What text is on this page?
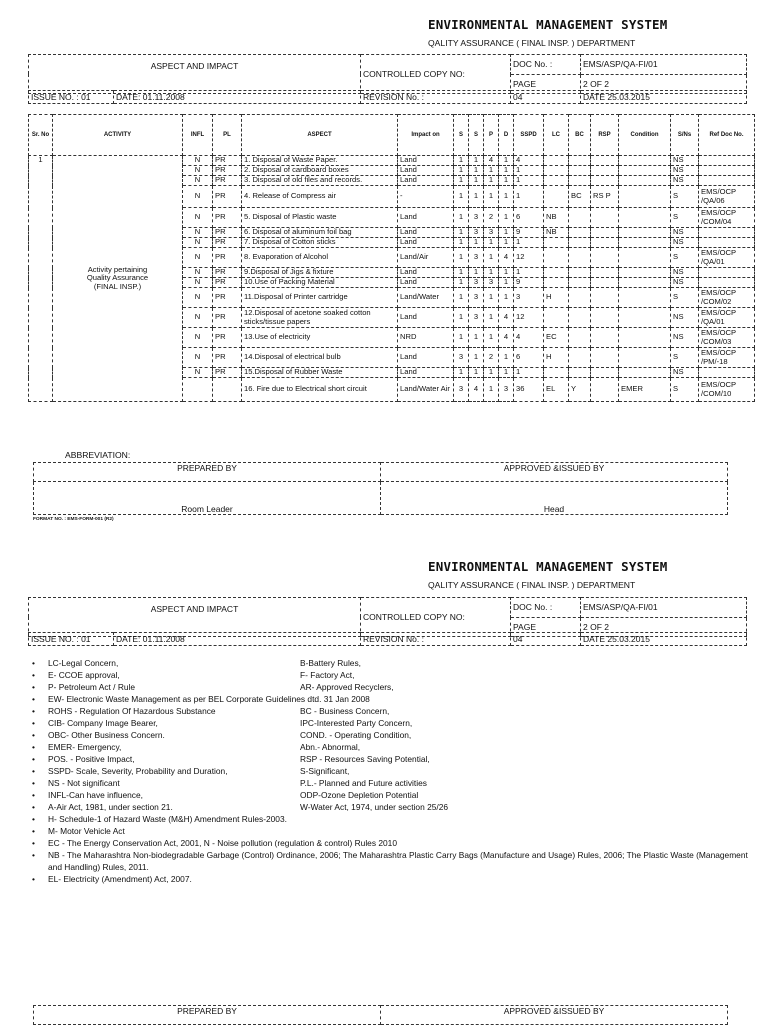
ENVIRONMENTAL MANAGEMENT SYSTEM
QALITY ASSURANCE ( FINAL INSP. ) DEPARTMENT
ASPECT AND IMPACT	CONTROLLED COPY NO:	DOC No. :	EMS/ASP/QA-FI/01
		PAGE	2 OF 2
ISSUE NO. : 01	DATE: 01.11.2008	REVISION No. :	04	DATE 25.03.2015
Sr. No	ACTIVITY	INFL	PL	ASPECT	Impact on	S	S	P	D	SSPD	LC	BC	RSP	Condition	S/Ns	Ref Doc No.
1	Activity pertaining Quality Assurance (FINAL INSP.)	N	PR	1. Disposal of Waste Paper.	Land	1	1	4	1	4					NS	
		N	PR	2. Disposal of cardboard boxes	Land	1	1	1	1	1					NS	
		N	PR	3. Disposal of old files and records.	Land	1	1	1	1	1					NS	
		N	PR	4. Release of Compress air	-	1	1	1	1	1		BC	RS P		S	EMS/OCP /QA/06
		N	PR	5. Disposal of Plastic waste	Land	1	3	2	1	6	NB				S	EMS/OCP /COM/04
		N	PR	6. Disposal of aluminum foil bag	Land	1	3	3	1	9	NB				NS	
		N	PR	7. Disposal of Cotton sticks	Land	1	1	1	1	1					NS	
		N	PR	8. Evaporation of Alcohol	Land/Air	1	3	1	4	12					S	EMS/OCP /QA/01
		N	PR	9.Disposal of Jigs & fixture	Land	1	1	1	1	1					NS	
		N	PR	10.Use of Packing Material	Land	1	3	3	1	9					NS	
		N	PR	11.Disposal of Printer cartridge	Land/Water	1	3	1	1	3	H				S	EMS/OCP /COM/02
		N	PR	12.Disposal of acetone soaked cotton sticks/tissue papers	Land	1	3	1	4	12					NS	EMS/OCP /QA/01
		N	PR	13.Use of electricity	NRD	1	1	1	4	4	EC				NS	EMS/OCP /COM/03
		N	PR	14.Disposal of electrical bulb	Land	3	1	2	1	6	H				S	EMS/OCP /PM/-18
		N	PR	15.Disposal of Rubber Waste	Land	1	1	1	1	1					NS	
				16. Fire due to Electrical short circuit	Land/Water Air	3	4	1	3	36	EL	Y		EMER	S	EMS/OCP /COM/10
ABBREVIATION:
PREPARED BY	APPROVED &ISSUED BY
Room Leader	Head
FORMAT NO. : EMS-FORM-001 (R2)
ENVIRONMENTAL MANAGEMENT SYSTEM
QALITY ASSURANCE ( FINAL INSP. ) DEPARTMENT
ASPECT AND IMPACT	CONTROLLED COPY NO:	DOC No. :	EMS/ASP/QA-FI/01
		PAGE	2 OF 2
ISSUE NO. : 01	DATE: 01.11.2008	REVISION No. :	04	DATE 25.03.2015
• LC-Legal Concern,	B-Battery Rules,
• E- CCOE approval,	F- Factory Act,
• P- Petroleum Act / Rule	AR- Approved Recyclers,
• EW- Electronic Waste Management as per BEL Corporate Guidelines dtd. 31 Jan 2008
• ROHS - Regulation Of Hazardous Substance	BC - Business Concern,
• CIB- Company Image Bearer,	IPC-Interested Party Concern,
• OBC- Other Business Concern.	COND. - Operating Condition,
• EMER- Emergency,	Abn.- Abnormal,
• POS. - Positive Impact,	RSP - Resources Saving Potential,
• SSPD- Scale, Severity, Probability and Duration,	S-Significant,
• NS - Not significant	P.L.- Planned and Future activities
• INFL-Can have influence,	ODP-Ozone Depletion Potential
• A-Air Act, 1981, under section 21.	W-Water Act, 1974, under section 25/26
• H- Schedule-1 of Hazard Waste (M&H) Amendment Rules-2003.
• M- Motor Vehicle Act
• EC - The Energy Conservation Act, 2001, N - Noise pollution (regulation & control) Rules 2010
• NB - The Maharashtra Non-biodegradable Garbage (Control) Ordinance, 2006; The Maharashtra Plastic Carry Bags (Manufacture and Usage) Rules, 2006; The Plastic Waste (Management and Handling) Rules, 2011.
• EL- Electricity (Amendment) Act, 2007.
PREPARED BY	APPROVED &ISSUED BY
